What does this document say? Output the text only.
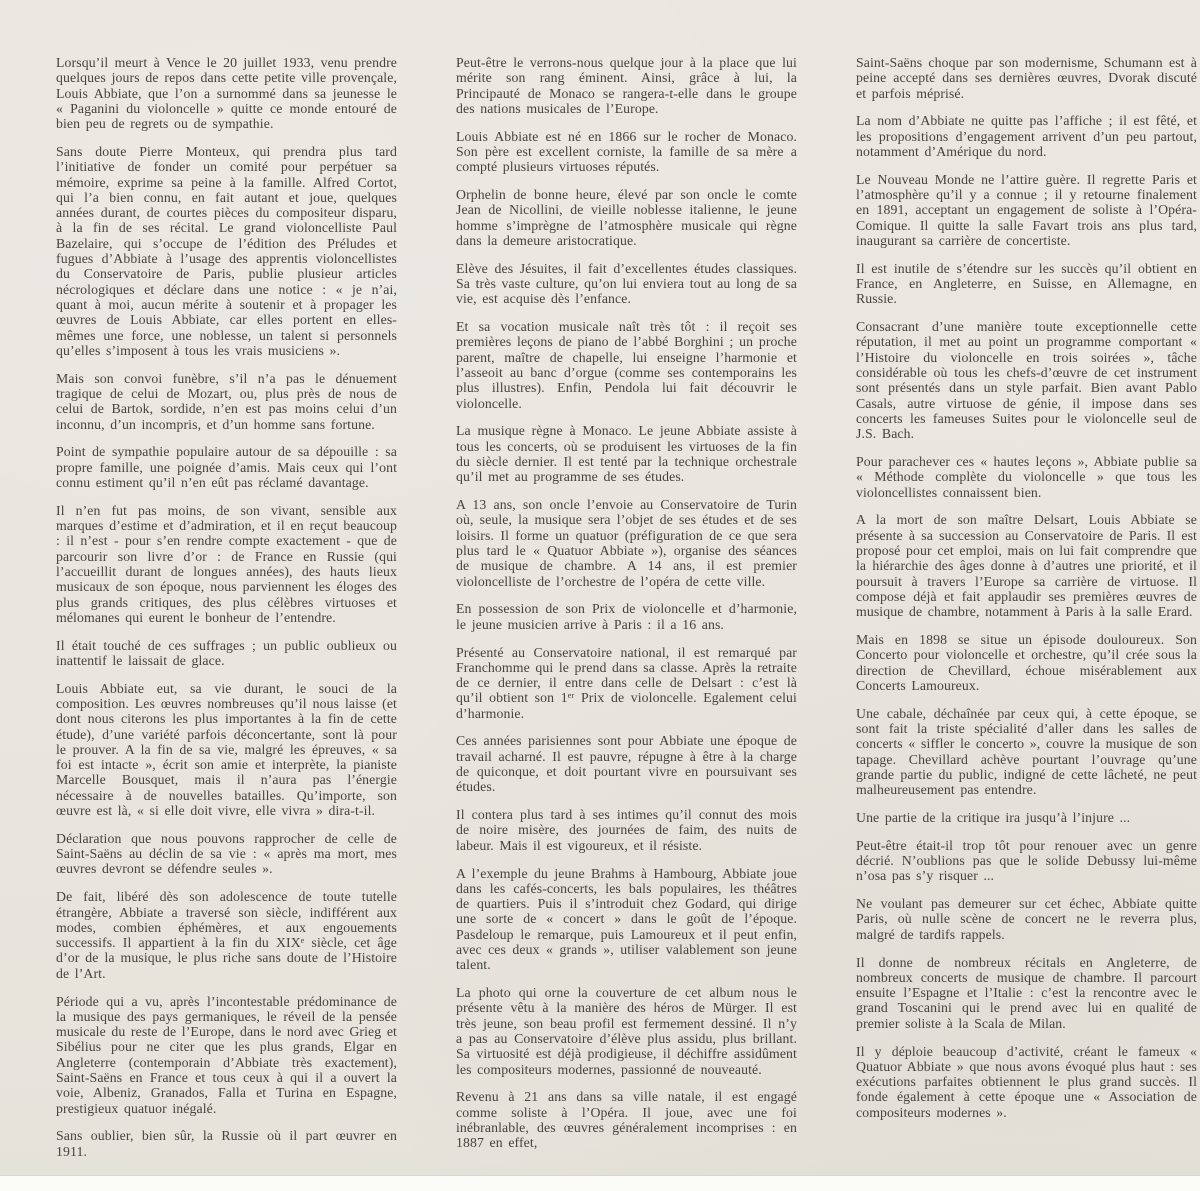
Lorsqu’il meurt à Vence le 20 juillet 1933, venu prendre quelques jours de repos dans cette petite ville provençale, Louis Abbiate, que l’on a surnommé dans sa jeunesse le « Paganini du violoncelle » quitte ce monde entouré de bien peu de regrets ou de sympathie.

Sans doute Pierre Monteux, qui prendra plus tard l’initiative de fonder un comité pour perpétuer sa mémoire, exprime sa peine à la famille. Alfred Cortot, qui l’a bien connu, en fait autant et joue, quelques années durant, de courtes pièces du compositeur disparu, à la fin de ses récital. Le grand violoncelliste Paul Bazelaire, qui s’occupe de l’édition des Préludes et fugues d’Abbiate à l’usage des apprentis violoncellistes du Conservatoire de Paris, publie plusieur articles nécrologiques et déclare dans une notice : « je n’ai, quant à moi, aucun mérite à soutenir et à propager les œuvres de Louis Abbiate, car elles portent en elles-mêmes une force, une noblesse, un talent si personnels qu’elles s’imposent à tous les vrais musiciens ».

Mais son convoi funèbre, s’il n’a pas le dénuement tragique de celui de Mozart, ou, plus près de nous de celui de Bartok, sordide, n’en est pas moins celui d’un inconnu, d’un incompris, et d’un homme sans fortune.

Point de sympathie populaire autour de sa dépouille : sa propre famille, une poignée d’amis. Mais ceux qui l’ont connu estiment qu’il n’en eût pas réclamé davantage.

Il n’en fut pas moins, de son vivant, sensible aux marques d’estime et d’admiration, et il en reçut beaucoup : il n’est - pour s’en rendre compte exactement - que de parcourir son livre d’or : de France en Russie (qui l’accueillit durant de longues années), des hauts lieux musicaux de son époque, nous parviennent les éloges des plus grands critiques, des plus célèbres virtuoses et mélomanes qui eurent le bonheur de l’entendre.

Il était touché de ces suffrages ; un public oublieux ou inattentif le laissait de glace.

Louis Abbiate eut, sa vie durant, le souci de la composition. Les œuvres nombreuses qu’il nous laisse (et dont nous citerons les plus importantes à la fin de cette étude), d’une variété parfois déconcertante, sont là pour le prouver. A la fin de sa vie, malgré les épreuves, « sa foi est intacte », écrit son amie et interprète, la pianiste Marcelle Bousquet, mais il n’aura pas l’énergie nécessaire à de nouvelles batailles. Qu’importe, son œuvre est là, « si elle doit vivre, elle vivra » dira-t-il.

Déclaration que nous pouvons rapprocher de celle de Saint-Saëns au déclin de sa vie : « après ma mort, mes œuvres devront se défendre seules ».

De fait, libéré dès son adolescence de toute tutelle étrangère, Abbiate a traversé son siècle, indifférent aux modes, combien éphémères, et aux engouements successifs. Il appartient à la fin du XIXᵉ siècle, cet âge d’or de la musique, le plus riche sans doute de l’Histoire de l’Art.

Période qui a vu, après l’incontestable prédominance de la musique des pays germaniques, le réveil de la pensée musicale du reste de l’Europe, dans le nord avec Grieg et Sibélius pour ne citer que les plus grands, Elgar en Angleterre (contemporain d’Abbiate très exactement), Saint-Saëns en France et tous ceux à qui il a ouvert la voie, Albeniz, Granados, Falla et Turina en Espagne, prestigieux quatuor inégalé.

Sans oublier, bien sûr, la Russie où il part œuvrer en 1911.

Peut-être le verrons-nous quelque jour à la place que lui mérite son rang éminent. Ainsi, grâce à lui, la Principauté de Monaco se rangera-t-elle dans le groupe des nations musicales de l’Europe.

Louis Abbiate est né en 1866 sur le rocher de Monaco. Son père est excellent corniste, la famille de sa mère a compté plusieurs virtuoses réputés.

Orphelin de bonne heure, élevé par son oncle le comte Jean de Nicollini, de vieille noblesse italienne, le jeune homme s’imprègne de l’atmosphère musicale qui règne dans la demeure aristocratique.

Elève des Jésuites, il fait d’excellentes études classiques. Sa très vaste culture, qu’on lui enviera tout au long de sa vie, est acquise dès l’enfance.

Et sa vocation musicale naît très tôt : il reçoit ses premières leçons de piano de l’abbé Borghini ; un proche parent, maître de chapelle, lui enseigne l’harmonie et l’asseoit au banc d’orgue (comme ses contemporains les plus illustres). Enfin, Pendola lui fait découvrir le violoncelle.

La musique règne à Monaco. Le jeune Abbiate assiste à tous les concerts, où se produisent les virtuoses de la fin du siècle dernier. Il est tenté par la technique orchestrale qu’il met au programme de ses études.

A 13 ans, son oncle l’envoie au Conservatoire de Turin où, seule, la musique sera l’objet de ses études et de ses loisirs. Il forme un quatuor (préfiguration de ce que sera plus tard le « Quatuor Abbiate »), organise des séances de musique de chambre. A 14 ans, il est premier violoncelliste de l’orchestre de l’opéra de cette ville.

En possession de son Prix de violoncelle et d’harmonie, le jeune musicien arrive à Paris : il a 16 ans.

Présenté au Conservatoire national, il est remarqué par Franchomme qui le prend dans sa classe. Après la retraite de ce dernier, il entre dans celle de Delsart : c’est là qu’il obtient son 1ᵉʳ Prix de violoncelle. Egalement celui d’harmonie.

Ces années parisiennes sont pour Abbiate une époque de travail acharné. Il est pauvre, répugne à être à la charge de quiconque, et doit pourtant vivre en poursuivant ses études.

Il contera plus tard à ses intimes qu’il connut des mois de noire misère, des journées de faim, des nuits de labeur. Mais il est vigoureux, et il résiste.

A l’exemple du jeune Brahms à Hambourg, Abbiate joue dans les cafés-concerts, les bals populaires, les théâtres de quartiers. Puis il s’introduit chez Godard, qui dirige une sorte de « concert » dans le goût de l’époque. Pasdeloup le remarque, puis Lamoureux et il peut enfin, avec ces deux « grands », utiliser valablement son jeune talent.

La photo qui orne la couverture de cet album nous le présente vêtu à la manière des héros de Mürger. Il est très jeune, son beau profil est fermement dessiné. Il n’y a pas au Conservatoire d’élève plus assidu, plus brillant. Sa virtuosité est déjà prodigieuse, il déchiffre assidûment les compositeurs modernes, passionné de nouveauté.

Revenu à 21 ans dans sa ville natale, il est engagé comme soliste à l’Opéra. Il joue, avec une foi inébranlable, des œuvres généralement incomprises : en 1887 en effet,

Saint-Saëns choque par son modernisme, Schumann est à peine accepté dans ses dernières œuvres, Dvorak discuté et parfois méprisé.

La nom d’Abbiate ne quitte pas l’affiche ; il est fêté, et les propositions d’engagement arrivent d’un peu partout, notamment d’Amérique du nord.

Le Nouveau Monde ne l’attire guère. Il regrette Paris et l’atmosphère qu’il y a connue ; il y retourne finalement en 1891, acceptant un engagement de soliste à l’Opéra-Comique. Il quitte la salle Favart trois ans plus tard, inaugurant sa carrière de concertiste.

Il est inutile de s’étendre sur les succès qu’il obtient en France, en Angleterre, en Suisse, en Allemagne, en Russie.

Consacrant d’une manière toute exceptionnelle cette réputation, il met au point un programme comportant « l’Histoire du violoncelle en trois soirées », tâche considérable où tous les chefs-d’œuvre de cet instrument sont présentés dans un style parfait. Bien avant Pablo Casals, autre virtuose de génie, il impose dans ses concerts les fameuses Suites pour le violoncelle seul de J.S. Bach.

Pour parachever ces « hautes leçons », Abbiate publie sa « Méthode complète du violoncelle » que tous les violoncellistes connaissent bien.

A la mort de son maître Delsart, Louis Abbiate se présente à sa succession au Conservatoire de Paris. Il est proposé pour cet emploi, mais on lui fait comprendre que la hiérarchie des âges donne à d’autres une priorité, et il poursuit à travers l’Europe sa carrière de virtuose. Il compose déjà et fait applaudir ses premières œuvres de musique de chambre, notamment à Paris à la salle Erard.

Mais en 1898 se situe un épisode douloureux. Son Concerto pour violoncelle et orchestre, qu’il crée sous la direction de Chevillard, échoue misérablement aux Concerts Lamoureux.

Une cabale, déchaînée par ceux qui, à cette époque, se sont fait la triste spécialité d’aller dans les salles de concerts « siffler le concerto », couvre la musique de son tapage. Chevillard achève pourtant l’ouvrage qu’une grande partie du public, indigné de cette lâcheté, ne peut malheureusement pas entendre.

Une partie de la critique ira jusqu’à l’injure ...

Peut-être était-il trop tôt pour renouer avec un genre décrié. N’oublions pas que le solide Debussy lui-même n’osa pas s’y risquer ...

Ne voulant pas demeurer sur cet échec, Abbiate quitte Paris, où nulle scène de concert ne le reverra plus, malgré de tardifs rappels.

Il donne de nombreux récitals en Angleterre, de nombreux concerts de musique de chambre. Il parcourt ensuite l’Espagne et l’Italie : c’est la rencontre avec le grand Toscanini qui le prend avec lui en qualité de premier soliste à la Scala de Milan.

Il y déploie beaucoup d’activité, créant le fameux « Quatuor Abbiate » que nous avons évoqué plus haut : ses exécutions parfaites obtiennent le plus grand succès. Il fonde également à cette époque une « Association de compositeurs modernes ».
